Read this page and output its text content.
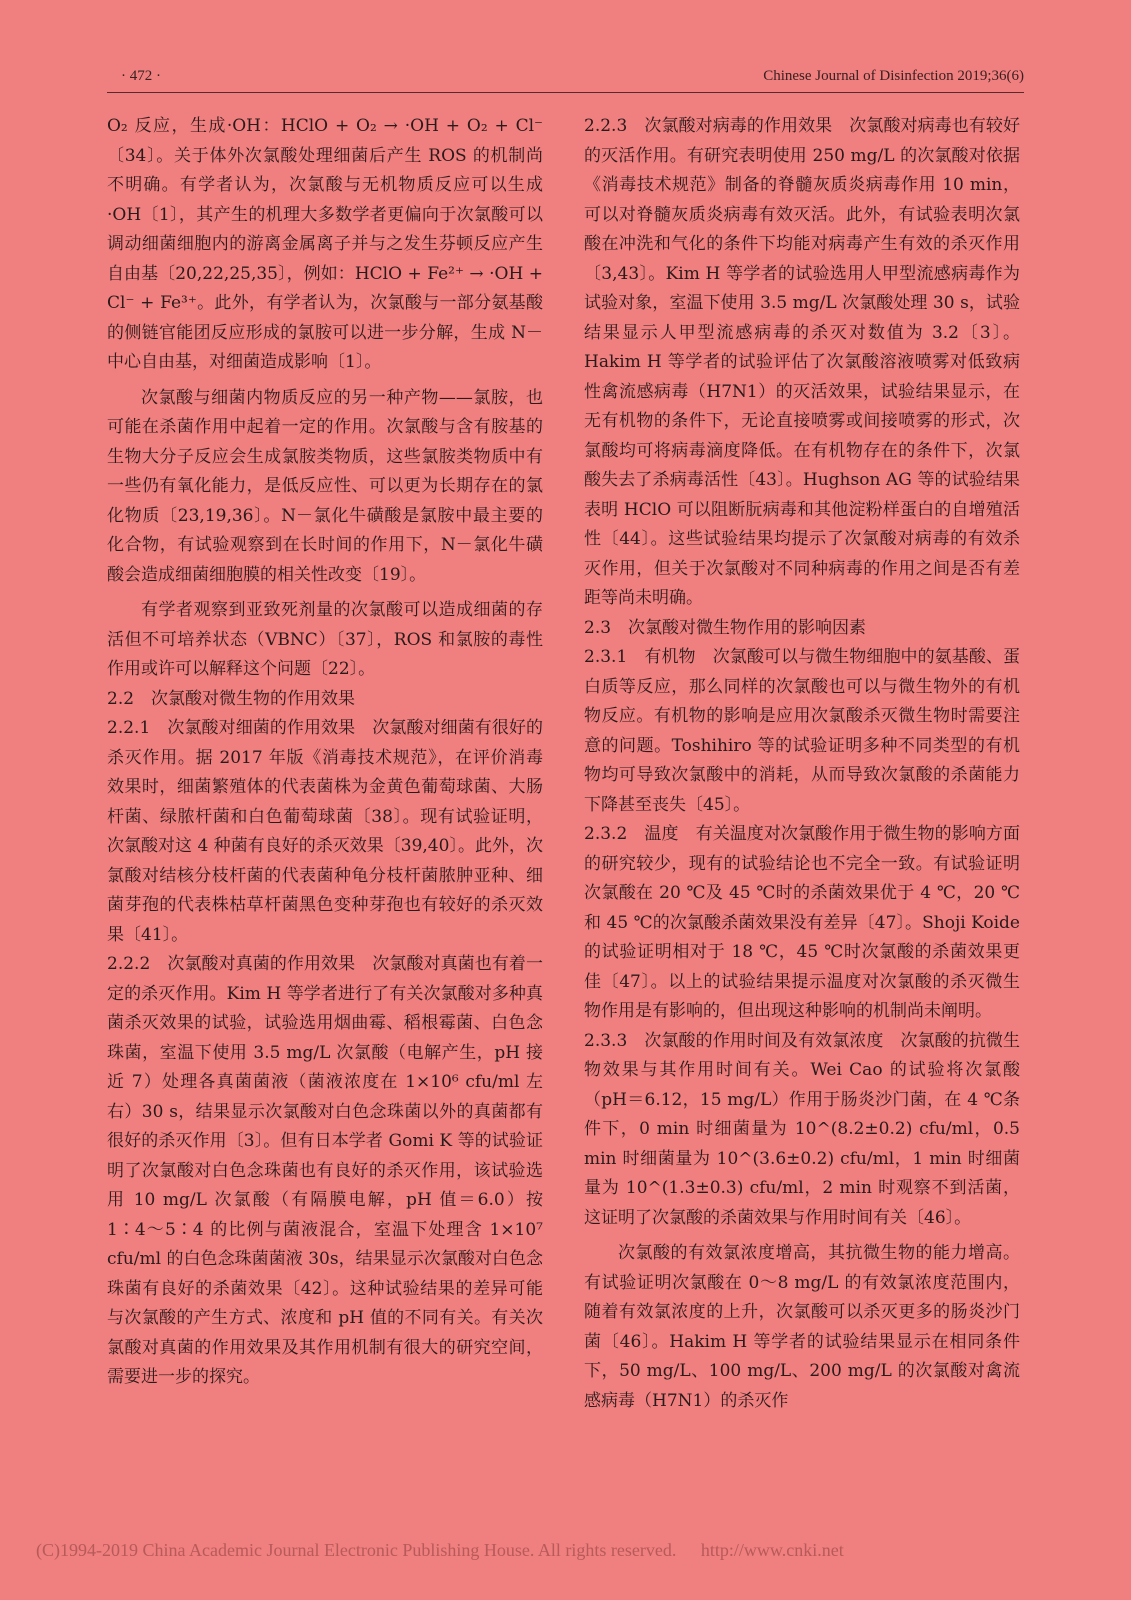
· 472 ·	Chinese Journal of Disinfection 2019;36(6)

O₂ 反应，生成·OH：HClO + O₂ → ·OH + O₂ + Cl⁻〔34〕。关于体外次氯酸处理细菌后产生 ROS 的机制尚不明确。有学者认为，次氯酸与无机物质反应可以生成·OH〔1〕，其产生的机理大多数学者更偏向于次氯酸可以调动细菌细胞内的游离金属离子并与之发生芬顿反应产生自由基〔20,22,25,35〕，例如：HClO + Fe²⁺ → ·OH + Cl⁻ + Fe³⁺。此外，有学者认为，次氯酸与一部分氨基酸的侧链官能团反应形成的氯胺可以进一步分解，生成 N－中心自由基，对细菌造成影响〔1〕。

次氯酸与细菌内物质反应的另一种产物——氯胺，也可能在杀菌作用中起着一定的作用。次氯酸与含有胺基的生物大分子反应会生成氯胺类物质，这些氯胺类物质中有一些仍有氧化能力，是低反应性、可以更为长期存在的氯化物质〔23,19,36〕。N－氯化牛磺酸是氯胺中最主要的化合物，有试验观察到在长时间的作用下，N－氯化牛磺酸会造成细菌细胞膜的相关性改变〔19〕。

有学者观察到亚致死剂量的次氯酸可以造成细菌的存活但不可培养状态（VBNC）〔37〕，ROS 和氯胺的毒性作用或许可以解释这个问题〔22〕。

2.2　次氯酸对微生物的作用效果

2.2.1　次氯酸对细菌的作用效果　次氯酸对细菌有很好的杀灭作用。据 2017 年版《消毒技术规范》，在评价消毒效果时，细菌繁殖体的代表菌株为金黄色葡萄球菌、大肠杆菌、绿脓杆菌和白色葡萄球菌〔38〕。现有试验证明，次氯酸对这 4 种菌有良好的杀灭效果〔39,40〕。此外，次氯酸对结核分枝杆菌的代表菌种龟分枝杆菌脓肿亚种、细菌芽孢的代表株枯草杆菌黑色变种芽孢也有较好的杀灭效果〔41〕。

2.2.2　次氯酸对真菌的作用效果　次氯酸对真菌也有着一定的杀灭作用。Kim H 等学者进行了有关次氯酸对多种真菌杀灭效果的试验，试验选用烟曲霉、稻根霉菌、白色念珠菌，室温下使用 3.5 mg/L 次氯酸（电解产生，pH 接近 7）处理各真菌菌液（菌液浓度在 1×10⁶ cfu/ml 左右）30 s，结果显示次氯酸对白色念珠菌以外的真菌都有很好的杀灭作用〔3〕。但有日本学者 Gomi K 等的试验证明了次氯酸对白色念珠菌也有良好的杀灭作用，该试验选用 10 mg/L 次氯酸（有隔膜电解，pH 值＝6.0）按 1∶4～5∶4 的比例与菌液混合，室温下处理含 1×10⁷ cfu/ml 的白色念珠菌菌液 30s，结果显示次氯酸对白色念珠菌有良好的杀菌效果〔42〕。这种试验结果的差异可能与次氯酸的产生方式、浓度和 pH 值的不同有关。有关次氯酸对真菌的作用效果及其作用机制有很大的研究空间，需要进一步的探究。

2.2.3　次氯酸对病毒的作用效果　次氯酸对病毒也有较好的灭活作用。有研究表明使用 250 mg/L 的次氯酸对依据《消毒技术规范》制备的脊髓灰质炎病毒作用 10 min，可以对脊髓灰质炎病毒有效灭活。此外，有试验表明次氯酸在冲洗和气化的条件下均能对病毒产生有效的杀灭作用〔3,43〕。Kim H 等学者的试验选用人甲型流感病毒作为试验对象，室温下使用 3.5 mg/L 次氯酸处理 30 s，试验结果显示人甲型流感病毒的杀灭对数值为 3.2〔3〕。Hakim H 等学者的试验评估了次氯酸溶液喷雾对低致病性禽流感病毒（H7N1）的灭活效果，试验结果显示，在无有机物的条件下，无论直接喷雾或间接喷雾的形式，次氯酸均可将病毒滴度降低。在有机物存在的条件下，次氯酸失去了杀病毒活性〔43〕。Hughson AG 等的试验结果表明 HClO 可以阻断朊病毒和其他淀粉样蛋白的自增殖活性〔44〕。这些试验结果均提示了次氯酸对病毒的有效杀灭作用，但关于次氯酸对不同种病毒的作用之间是否有差距等尚未明确。

2.3　次氯酸对微生物作用的影响因素

2.3.1　有机物　次氯酸可以与微生物细胞中的氨基酸、蛋白质等反应，那么同样的次氯酸也可以与微生物外的有机物反应。有机物的影响是应用次氯酸杀灭微生物时需要注意的问题。Toshihiro 等的试验证明多种不同类型的有机物均可导致次氯酸中的消耗，从而导致次氯酸的杀菌能力下降甚至丧失〔45〕。

2.3.2　温度　有关温度对次氯酸作用于微生物的影响方面的研究较少，现有的试验结论也不完全一致。有试验证明次氯酸在 20 ℃及 45 ℃时的杀菌效果优于 4 ℃，20 ℃和 45 ℃的次氯酸杀菌效果没有差异〔47〕。Shoji Koide 的试验证明相对于 18 ℃，45 ℃时次氯酸的杀菌效果更佳〔47〕。以上的试验结果提示温度对次氯酸的杀灭微生物作用是有影响的，但出现这种影响的机制尚未阐明。

2.3.3　次氯酸的作用时间及有效氯浓度　次氯酸的抗微生物效果与其作用时间有关。Wei Cao 的试验将次氯酸（pH＝6.12，15 mg/L）作用于肠炎沙门菌，在 4 ℃条件下，0 min 时细菌量为 10^(8.2±0.2) cfu/ml，0.5 min 时细菌量为 10^(3.6±0.2) cfu/ml，1 min 时细菌量为 10^(1.3±0.3) cfu/ml，2 min 时观察不到活菌，这证明了次氯酸的杀菌效果与作用时间有关〔46〕。

次氯酸的有效氯浓度增高，其抗微生物的能力增高。有试验证明次氯酸在 0～8 mg/L 的有效氯浓度范围内，随着有效氯浓度的上升，次氯酸可以杀灭更多的肠炎沙门菌〔46〕。Hakim H 等学者的试验结果显示在相同条件下，50 mg/L、100 mg/L、200 mg/L 的次氯酸对禽流感病毒（H7N1）的杀灭作

(C)1994-2019 China Academic Journal Electronic Publishing House. All rights reserved. http://www.cnki.net
